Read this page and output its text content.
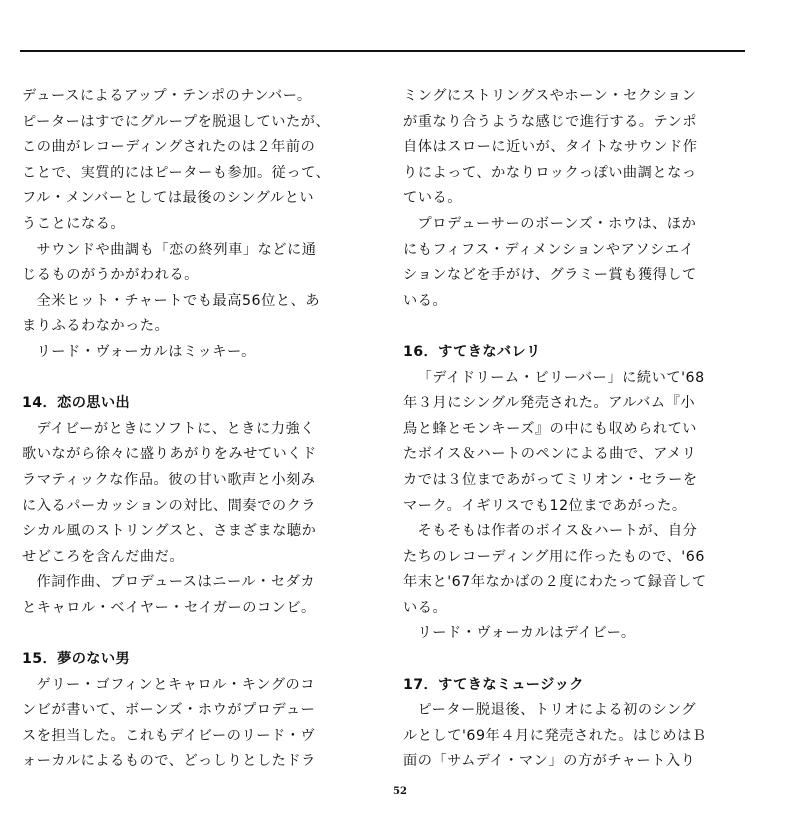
デュースによるアップ・テンポのナンバー。
ピーターはすでにグループを脱退していたが、
この曲がレコーディングされたのは２年前の
ことで、実質的にはピーターも参加。従って、
フル・メンバーとしては最後のシングルとい
うことになる。
サウンドや曲調も「恋の終列車」などに通
じるものがうかがわれる。
全米ヒット・チャートでも最高56位と、あ
まりふるわなかった。
リード・ヴォーカルはミッキー。
14．恋の思い出
デイビーがときにソフトに、ときに力強く
歌いながら徐々に盛りあがりをみせていくド
ラマティックな作品。彼の甘い歌声と小刻み
に入るパーカッションの対比、間奏でのクラ
シカル風のストリングスと、さまざまな聴か
せどころを含んだ曲だ。
作詞作曲、プロデュースはニール・セダカ
とキャロル・ベイヤー・セイガーのコンビ。
15．夢のない男
ゲリー・ゴフィンとキャロル・キングのコ
ンビが書いて、ボーンズ・ホウがプロデュー
スを担当した。これもデイビーのリード・ヴ
ォーカルによるもので、どっしりとしたドラ
ミングにストリングスやホーン・セクション
が重なり合うような感じで進行する。テンポ
自体はスローに近いが、タイトなサウンド作
りによって、かなりロックっぽい曲調となっ
ている。
プロデューサーのボーンズ・ホウは、ほか
にもフィフス・ディメンションやアソシエイ
ションなどを手がけ、グラミー賞も獲得して
いる。
16．すてきなバレリ
「デイドリーム・ビリーバー」に続いて'68
年３月にシングル発売された。アルバム『小
鳥と蜂とモンキーズ』の中にも収められてい
たボイス＆ハートのペンによる曲で、アメリ
カでは３位まであがってミリオン・セラーを
マーク。イギリスでも12位まであがった。
そもそもは作者のボイス＆ハートが、自分
たちのレコーディング用に作ったもので、'66
年末と'67年なかばの２度にわたって録音して
いる。
リード・ヴォーカルはデイビー。
17．すてきなミュージック
ピーター脱退後、トリオによる初のシング
ルとして'69年４月に発売された。はじめはＢ
面の「サムデイ・マン」の方がチャート入り
52
